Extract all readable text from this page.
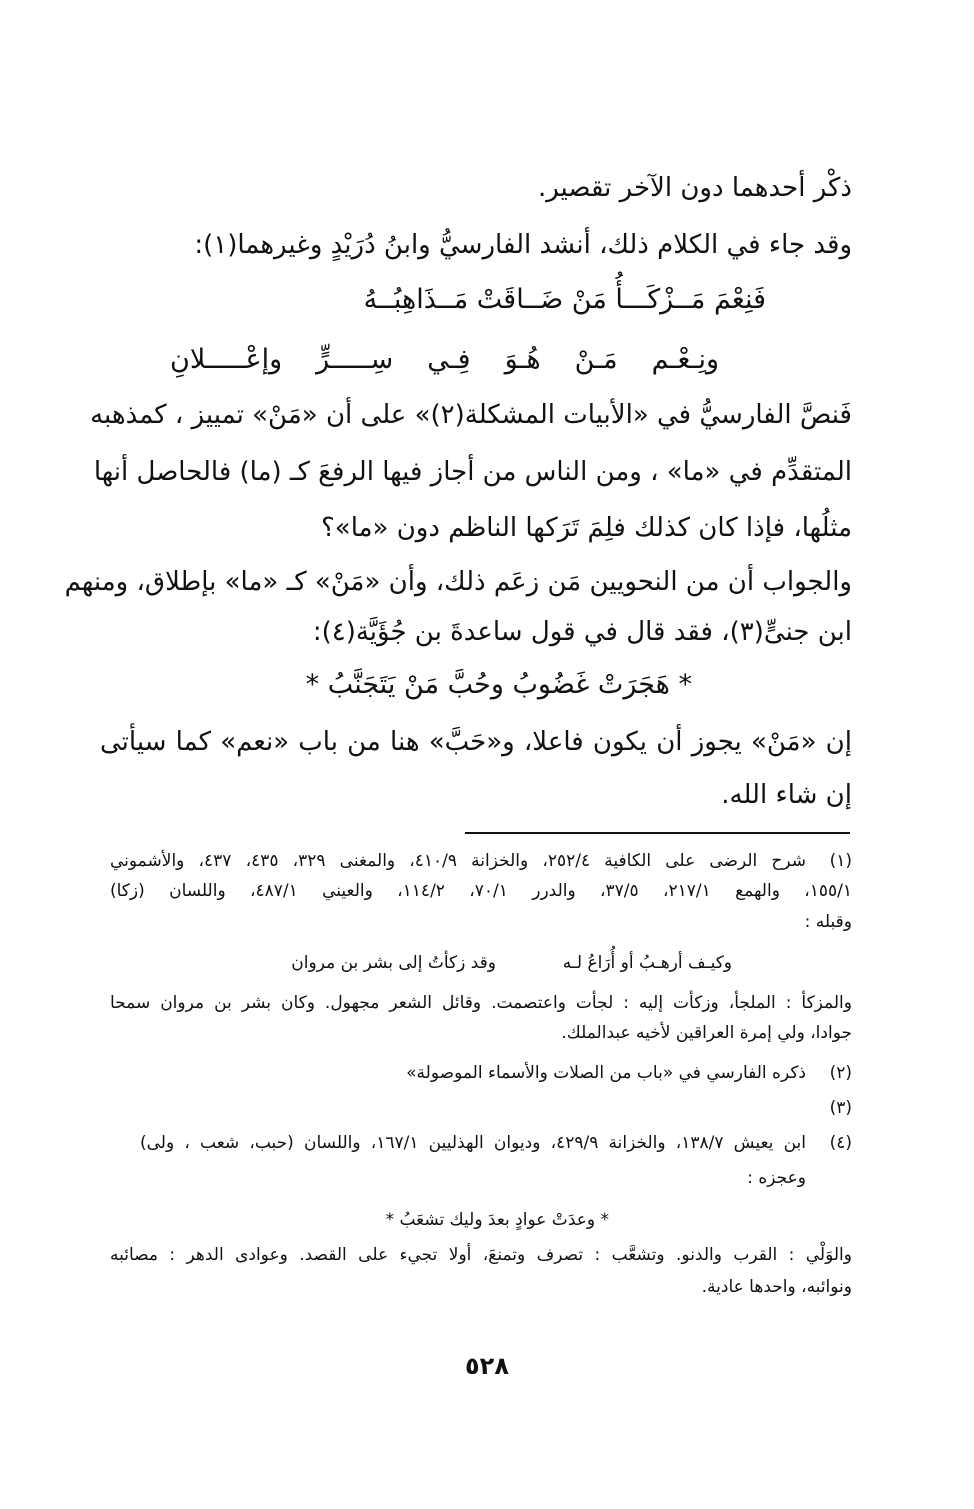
ذكْر أحدهما دون الآخر تقصير.
وقد جاء في الكلام ذلك، أنشد الفارسيُّ وابنُ دُرَيْدٍ وغيرهما(١):
فَنِعْمَ مَــزْكَـــأُ مَنْ ضَــاقَتْ مَــذَاهِبُــهُ
ونِـعْـم مَـنْ هُـوَ فِـي سِـــــرٍّ وإعْـــــلانِ
فَنصَّ الفارسيُّ في «الأبيات المشكلة(٢)» على أن «مَنْ» تمييز ، كمذهبه
المتقدِّم في «ما» ، ومن الناس من أجاز فيها الرفعَ كـ (ما) فالحاصل أنها
مثلُها، فإذا كان كذلك فلِمَ تَرَكها الناظم دون «ما»؟
والجواب أن من النحويين مَن زعَم ذلك، وأن «مَنْ» كـ «ما» بإطلاق، ومنهم
ابن جنىٍّ(٣)، فقد قال في قول ساعدةَ بن جُؤَيَّة(٤):
* هَجَرَتْ غَضُوبُ وحُبَّ مَنْ يَتَجَنَّبُ *
إن «مَنْ» يجوز أن يكون فاعلا، و«حَبَّ» هنا من باب «نعم» كما سيأتى
إن شاء الله.
(١)
شرح الرضى على الكافية ٢٥٢/٤، والخزانة ٤١٠/٩، والمغنى ٣٢٩، ٤٣٥، ٤٣٧، والأشموني
١٥٥/١، والهمع ٢١٧/١، ٣٧/٥، والدرر ٧٠/١، ١١٤/٢، والعيني ٤٨٧/١، واللسان (زكا)
وقبله :
وكيـف أرهـبُ أو أُرَاعُ لـه
وقد زكأتُ إلى بشر بن مروان
والمزكأ : الملجأ، وزكأت إليه : لجأت واعتصمت. وقائل الشعر مجهول. وكان بشر بن مروان سمحا
جوادا، ولي إمرة العراقين لأخيه عبدالملك.
(٢)
ذكره الفارسي في «باب من الصلات والأسماء الموصولة»
(٣)
(٤)
ابن يعيش ١٣٨/٧، والخزانة ٤٢٩/٩، وديوان الهذليين ١٦٧/١، واللسان (حبب، شعب ، ولى)
وعجزه :
* وعدَتْ عوادٍ بعدَ وليك تشعَبُ *
والوَلْي : القرب والدنو. وتشعَّب : تصرف وتمنعَ، أولا تجيء على القصد. وعوادى الدهر : مصائبه
ونوائبه، واحدها عادية.
٥٢٨
